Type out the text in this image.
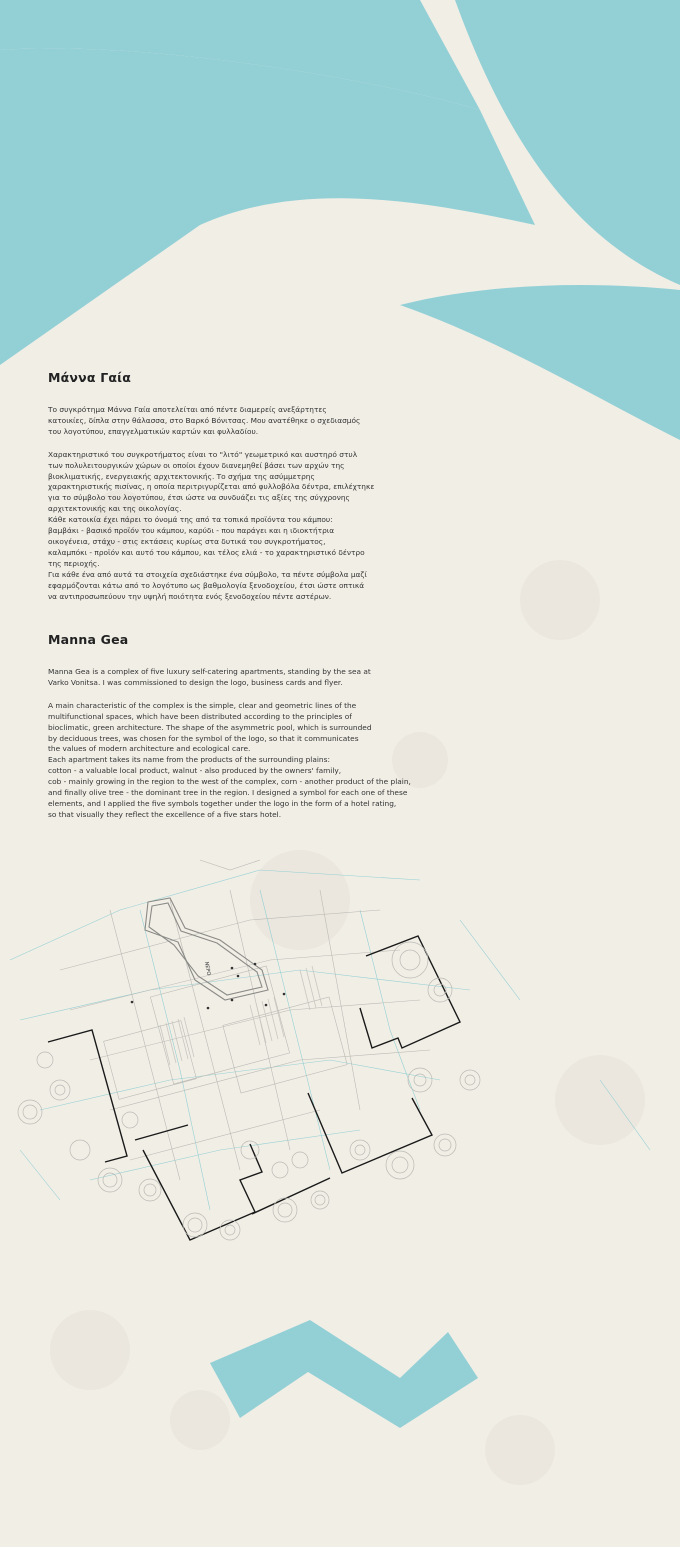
Μάννα Γαία

Το συγκρότημα Μάννα Γαία αποτελείται από πέντε διαμερείς ανεξάρτητες
κατοικίες, δίπλα στην θάλασσα, στο Βαρκό Βόνιτσας. Μου ανατέθηκε ο σχεδιασμός
του λογοτύπου, επαγγελματικών καρτών και φυλλαδίου.

Χαρακτηριστικό του συγκροτήματος είναι το "λιτό" γεωμετρικό και αυστηρό στυλ
των πολυλειτουργικών χώρων οι οποίοι έχουν διανεμηθεί βάσει των αρχών της
βιοκλιματικής, ενεργειακής αρχιτεκτονικής. Το σχήμα της ασύμμετρης
χαρακτηριστικής πισίνας, η οποία περιτριγυρίζεται από φυλλοβόλα δέντρα, επιλέχτηκε
για το σύμβολο του λογοτύπου, έτσι ώστε να συνδυάζει τις αξίες της σύγχρονης
αρχιτεκτονικής και της οικολογίας.
Κάθε κατοικία έχει πάρει το όνομά της από τα τοπικά προϊόντα του κάμπου:
βαμβάκι - βασικό προϊόν του κάμπου, καρύδι - που παράγει και η ιδιοκτήτρια
οικογένεια, στάχυ - στις εκτάσεις κυρίως στα δυτικά του συγκροτήματος,
καλαμπόκι - προϊόν και αυτό του κάμπου, και τέλος ελιά - το χαρακτηριστικό δέντρο
της περιοχής.
Για κάθε ένα από αυτά τα στοιχεία σχεδιάστηκε ένα σύμβολο, τα πέντε σύμβολα μαζί
εφαρμόζονται κάτω από το λογότυπο ως βαθμολογία ξενοδοχείου, έτσι ώστε οπτικά
να αντιπροσωπεύουν την υψηλή ποιότητα ενός ξενοδοχείου πέντε αστέρων.

Manna Gea

Manna Gea is a complex of five luxury self-catering apartments, standing by the sea at
Varko Vonitsa. I was commissioned to design the logo, business cards and flyer.

A main characteristic of the complex is the simple, clear and geometric lines of the
multifunctional spaces, which have been distributed according to the principles of
bioclimatic, green architecture. The shape of the asymmetric pool, which is surrounded
by deciduous trees, was chosen for the symbol of the logo, so that it communicates
the values of modern architecture and ecological care.
Each apartment takes its name from the products of the surrounding plains:
cotton - a valuable local product, walnut - also produced by the owners' family,
cob - mainly growing in the region to the west of the complex, corn - another product of the plain,
and finally olive tree - the dominant tree in the region. I designed a symbol for each one of these
elements, and I applied the five symbols together under the logo in the form of a hotel rating,
so that visually they reflect the excellence of a five stars hotel.

ΝΕΡΟ
